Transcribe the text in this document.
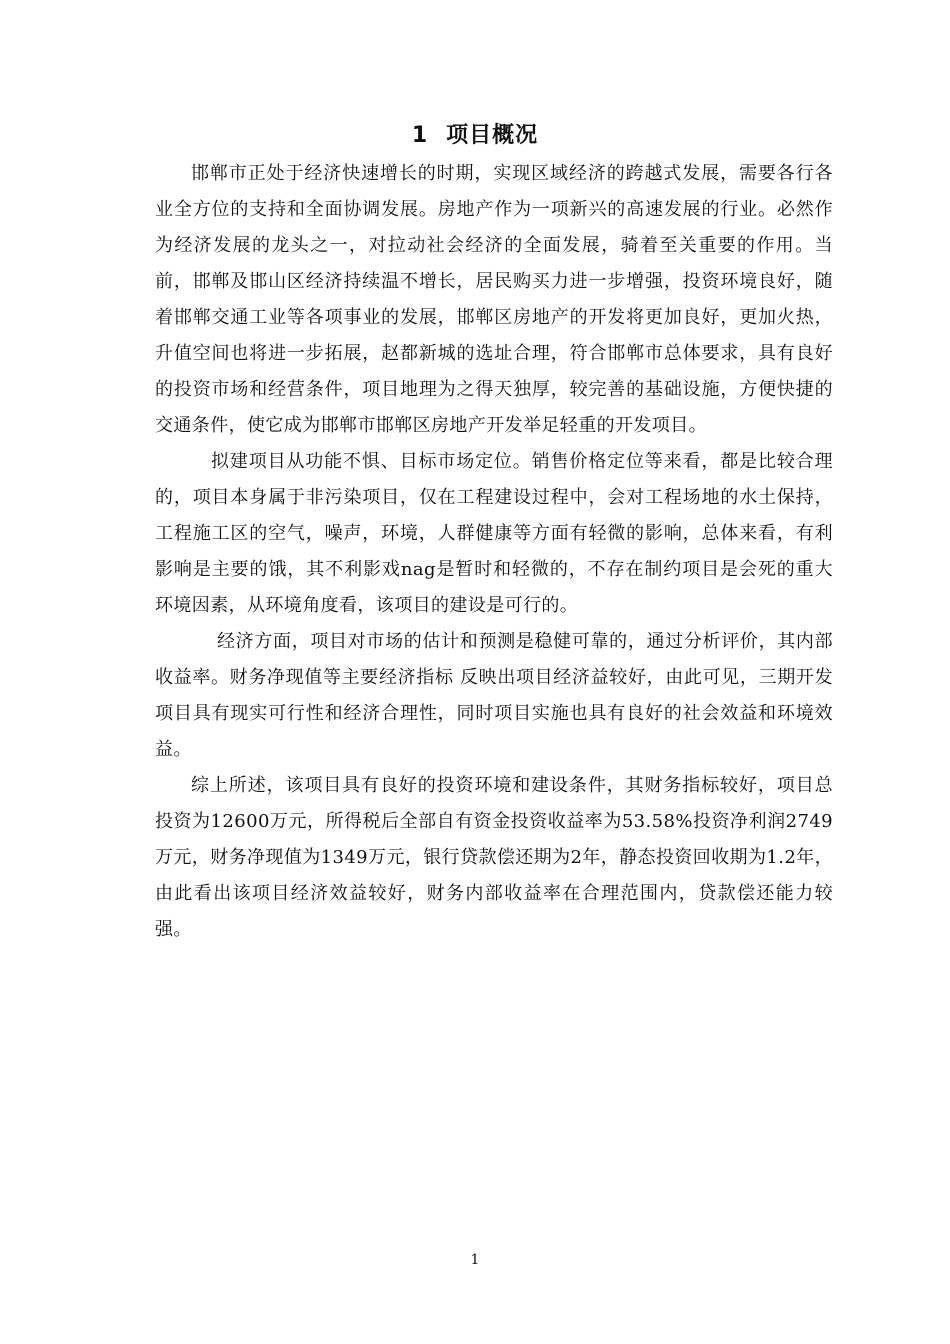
1 项目概况

邯郸市正处于经济快速增长的时期，实现区域经济的跨越式发展，需要各行各业全方位的支持和全面协调发展。房地产作为一项新兴的高速发展的行业。必然作为经济发展的龙头之一，对拉动社会经济的全面发展，骑着至关重要的作用。当前，邯郸及邯山区经济持续温不增长，居民购买力进一步增强，投资环境良好，随着邯郸交通工业等各项事业的发展，邯郸区房地产的开发将更加良好，更加火热，升值空间也将进一步拓展，赵都新城的选址合理，符合邯郸市总体要求，具有良好的投资市场和经营条件，项目地理为之得天独厚，较完善的基础设施，方便快捷的交通条件，使它成为邯郸市邯郸区房地产开发举足轻重的开发项目。

拟建项目从功能不惧、目标市场定位。销售价格定位等来看，都是比较合理的，项目本身属于非污染项目，仅在工程建设过程中，会对工程场地的水土保持，工程施工区的空气，噪声，环境，人群健康等方面有轻微的影响，总体来看，有利影响是主要的饿，其不利影戏nag是暂时和轻微的，不存在制约项目是会死的重大环境因素，从环境角度看，该项目的建设是可行的。

经济方面，项目对市场的估计和预测是稳健可靠的，通过分析评价，其内部收益率。财务净现值等主要经济指标 反映出项目经济益较好，由此可见，三期开发项目具有现实可行性和经济合理性，同时项目实施也具有良好的社会效益和环境效益。

综上所述，该项目具有良好的投资环境和建设条件，其财务指标较好，项目总投资为12600万元，所得税后全部自有资金投资收益率为53.58%投资净利润2749万元，财务净现值为1349万元，银行贷款偿还期为2年，静态投资回收期为1.2年，由此看出该项目经济效益较好，财务内部收益率在合理范围内，贷款偿还能力较强。

1
